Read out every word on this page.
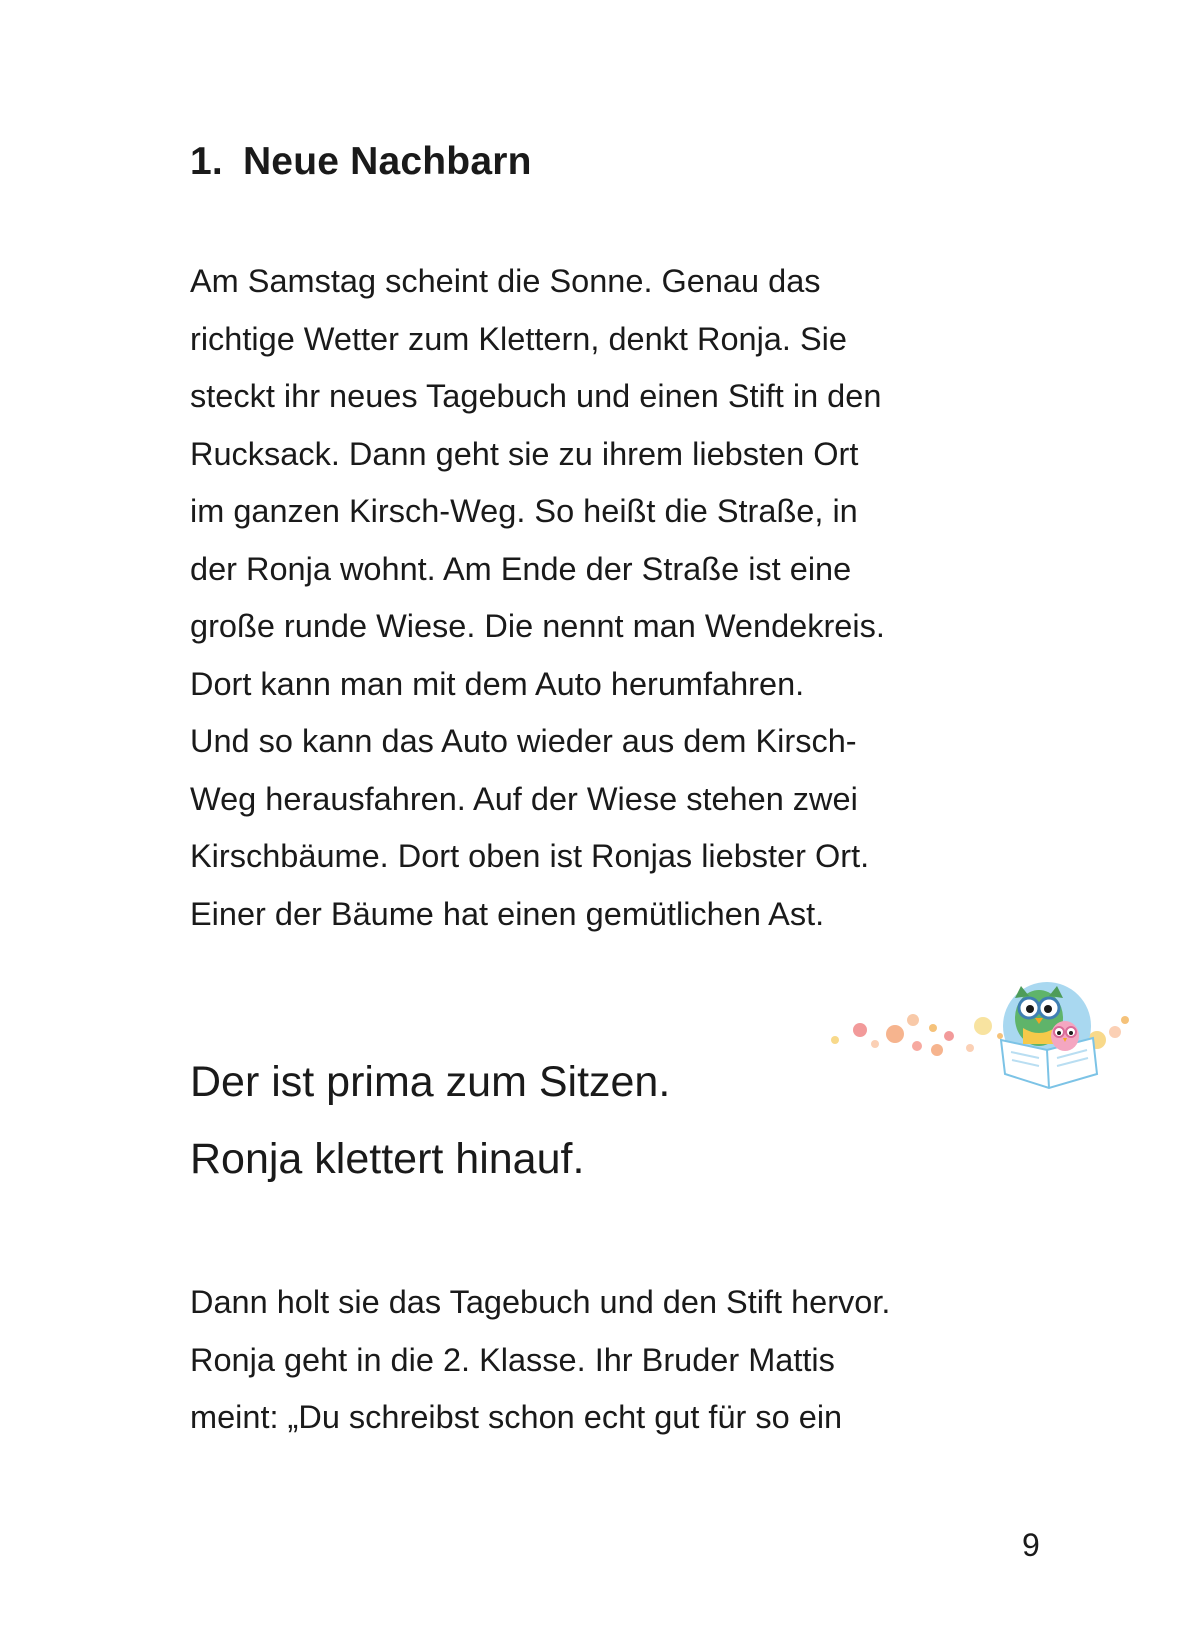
1. Neue Nachbarn

Am Samstag scheint die Sonne. Genau das
richtige Wetter zum Klettern, denkt Ronja. Sie
steckt ihr neues Tagebuch und einen Stift in den
Rucksack. Dann geht sie zu ihrem liebsten Ort
im ganzen Kirsch-Weg. So heißt die Straße, in
der Ronja wohnt. Am Ende der Straße ist eine
große runde Wiese. Die nennt man Wendekreis.
Dort kann man mit dem Auto herumfahren.
Und so kann das Auto wieder aus dem Kirsch-
Weg herausfahren. Auf der Wiese stehen zwei
Kirschbäume. Dort oben ist Ronjas liebster Ort.
Einer der Bäume hat einen gemütlichen Ast.

Der ist prima zum Sitzen.
Ronja klettert hinauf.

Dann holt sie das Tagebuch und den Stift hervor.
Ronja geht in die 2. Klasse. Ihr Bruder Mattis
meint: „Du schreibst schon echt gut für so ein

9
